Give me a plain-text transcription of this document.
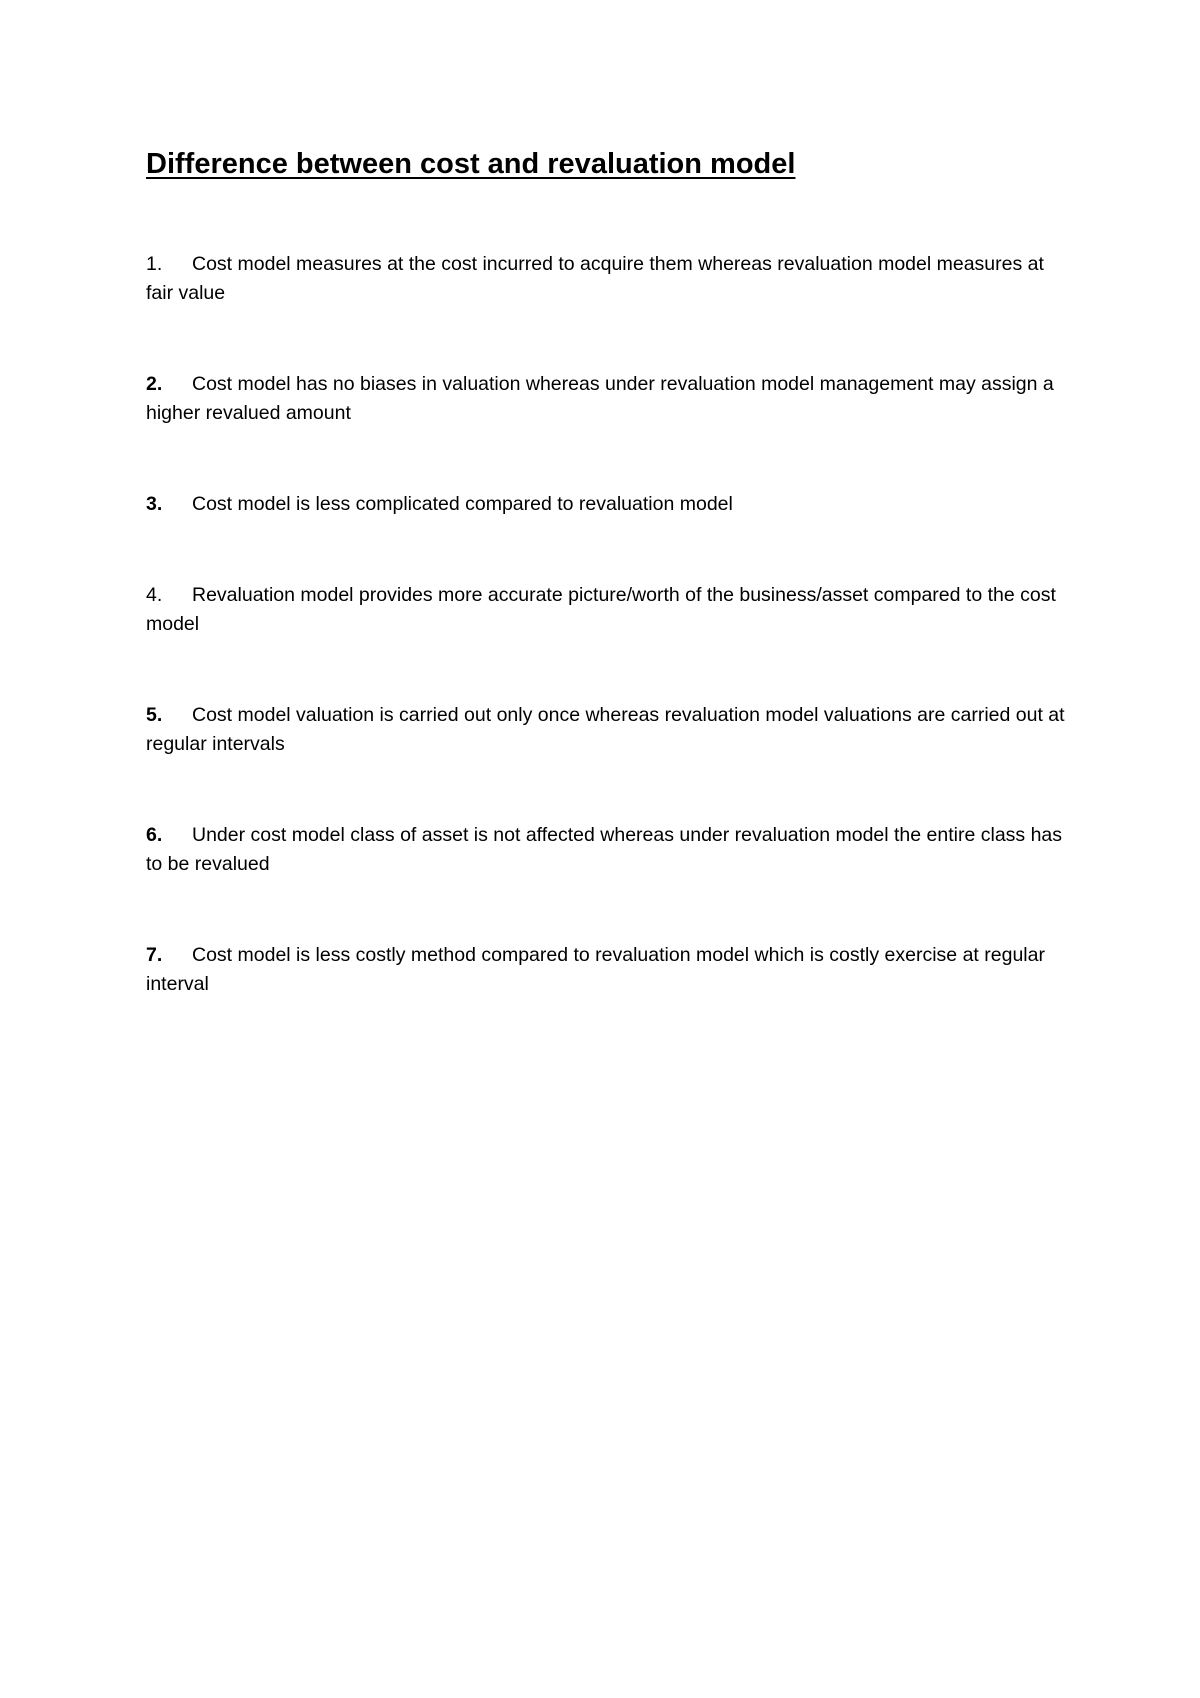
Difference between cost and revaluation model
1. Cost model measures at the cost incurred to acquire them whereas revaluation model measures at fair value
2. Cost model has no biases in valuation whereas under revaluation model management may assign a higher revalued amount
3. Cost model is less complicated compared to revaluation model
4. Revaluation model provides more accurate picture/worth of the business/asset compared to the cost model
5. Cost model valuation is carried out only once whereas revaluation model valuations are carried out at regular intervals
6. Under cost model class of asset is not affected whereas under revaluation model the entire class has to be revalued
7. Cost model is less costly method compared to revaluation model which is costly exercise at regular interval
